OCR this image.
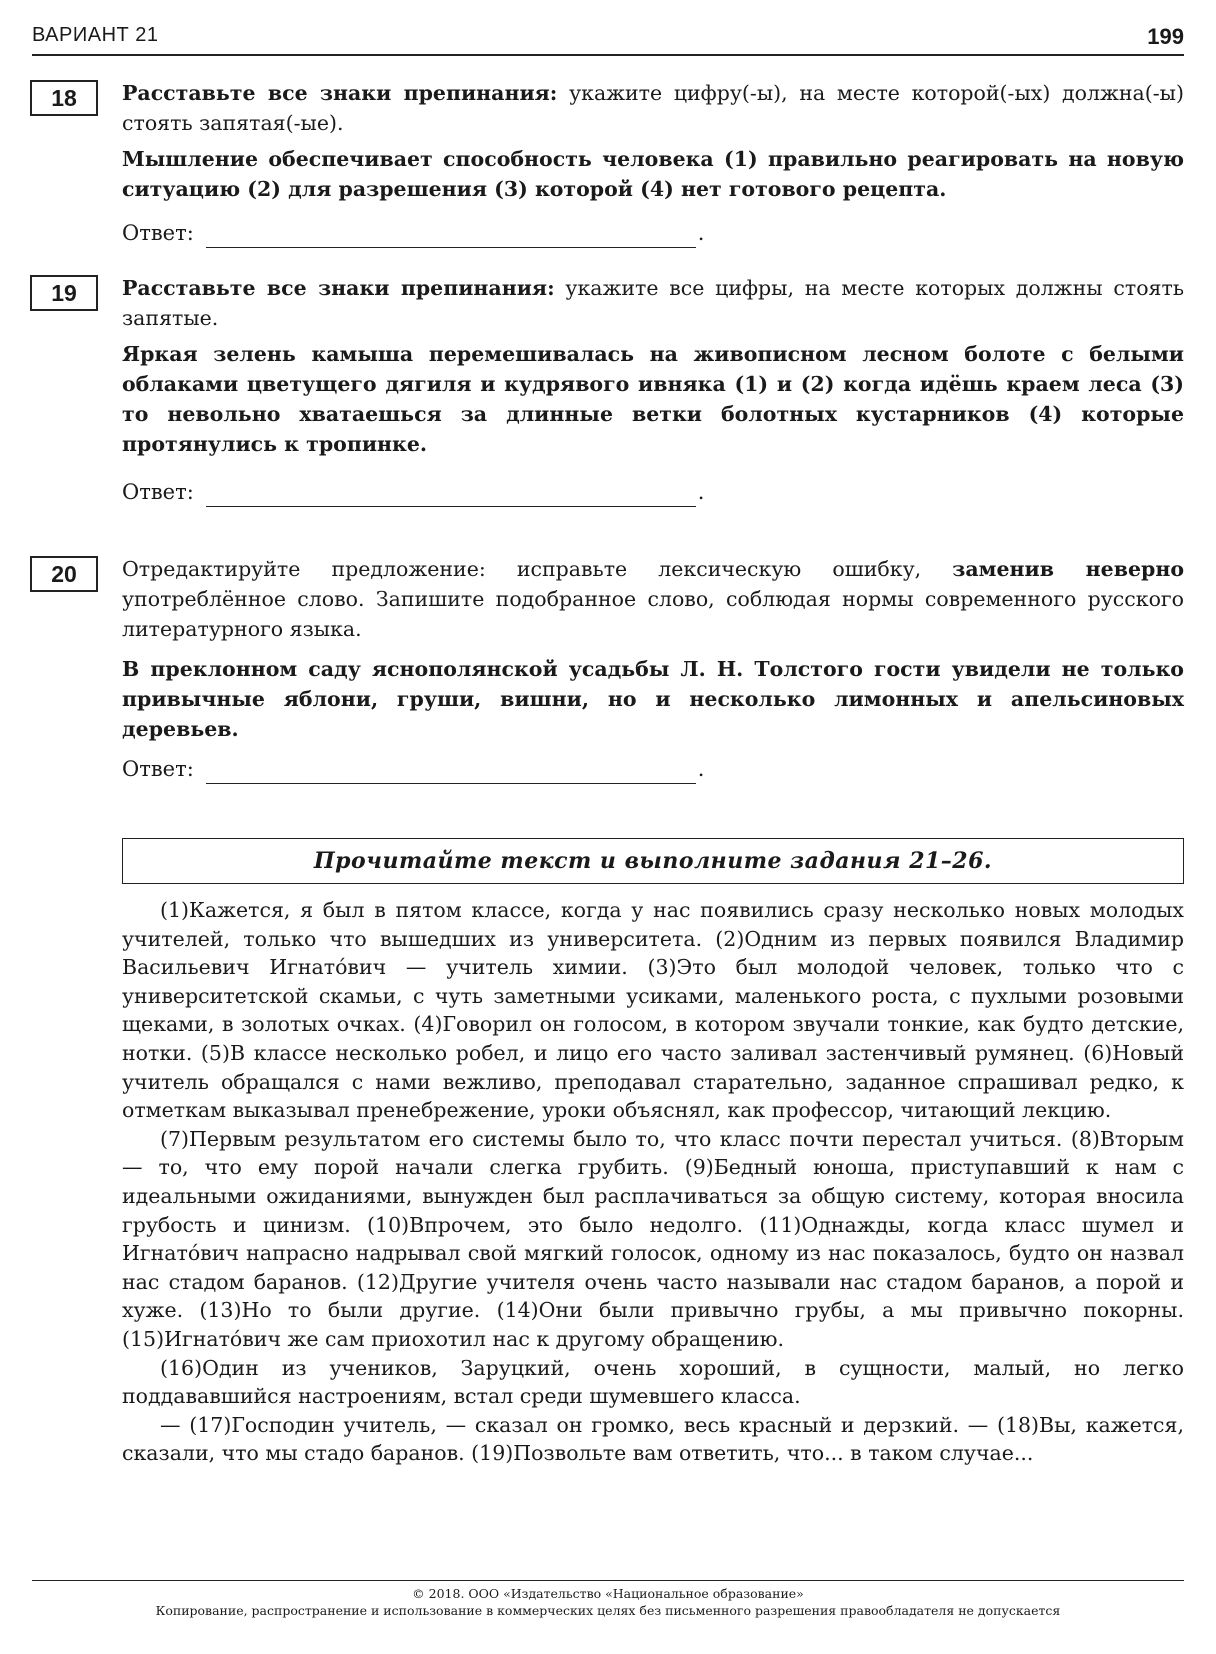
ВАРИАНТ 21	199
18	Расставьте все знаки препинания: укажите цифру(-ы), на месте которой(-ых) должна(-ы) стоять запятая(-ые).

Мышление обеспечивает способность человека (1) правильно реагировать на новую ситуацию (2) для разрешения (3) которой (4) нет готового рецепта.

Ответ:	.
19	Расставьте все знаки препинания: укажите все цифры, на месте которых должны стоять запятые.

Яркая зелень камыша перемешивалась на живописном лесном болоте с белыми облаками цветущего дягиля и кудрявого ивняка (1) и (2) когда идёшь краем леса (3) то невольно хватаешься за длинные ветки болотных кустарников (4) которые протянулись к тропинке.

Ответ:	.
20	Отредактируйте предложение: исправьте лексическую ошибку, заменив неверно употреблённое слово. Запишите подобранное слово, соблюдая нормы современного русского литературного языка.

В преклонном саду яснополянской усадьбы Л. Н. Толстого гости увидели не только привычные яблони, груши, вишни, но и несколько лимонных и апельсиновых деревьев.

Ответ:	.
Прочитайте текст и выполните задания 21–26.

(1)Кажется, я был в пятом классе, когда у нас появились сразу несколько новых молодых учителей, только что вышедших из университета. (2)Одним из первых появился Владимир Васильевич Игнато́вич — учитель химии. (3)Это был молодой человек, только что с университетской скамьи, с чуть заметными усиками, маленького роста, с пухлыми розовыми щеками, в золотых очках. (4)Говорил он голосом, в котором звучали тонкие, как будто детские, нотки. (5)В классе несколько робел, и лицо его часто заливал застенчивый румянец. (6)Новый учитель обращался с нами вежливо, преподавал старательно, заданное спрашивал редко, к отметкам выказывал пренебрежение, уроки объяснял, как профессор, читающий лекцию.

(7)Первым результатом его системы было то, что класс почти перестал учиться. (8)Вторым — то, что ему порой начали слегка грубить. (9)Бедный юноша, приступавший к нам с идеальными ожиданиями, вынужден был расплачиваться за общую систему, которая вносила грубость и цинизм. (10)Впрочем, это было недолго. (11)Однажды, когда класс шумел и Игнато́вич напрасно надрывал свой мягкий голосок, одному из нас показалось, будто он назвал нас стадом баранов. (12)Другие учителя очень часто называли нас стадом баранов, а порой и хуже. (13)Но то были другие. (14)Они были привычно грубы, а мы привычно покорны. (15)Игнато́вич же сам приохотил нас к другому обращению.

(16)Один из учеников, Заруцкий, очень хороший, в сущности, малый, но легко поддававшийся настроениям, встал среди шумевшего класса.

— (17)Господин учитель, — сказал он громко, весь красный и дерзкий. — (18)Вы, кажется, сказали, что мы стадо баранов. (19)Позвольте вам ответить, что... в таком случае...

© 2018. ООО «Издательство «Национальное образование»
Копирование, распространение и использование в коммерческих целях без письменного разрешения правообладателя не допускается
